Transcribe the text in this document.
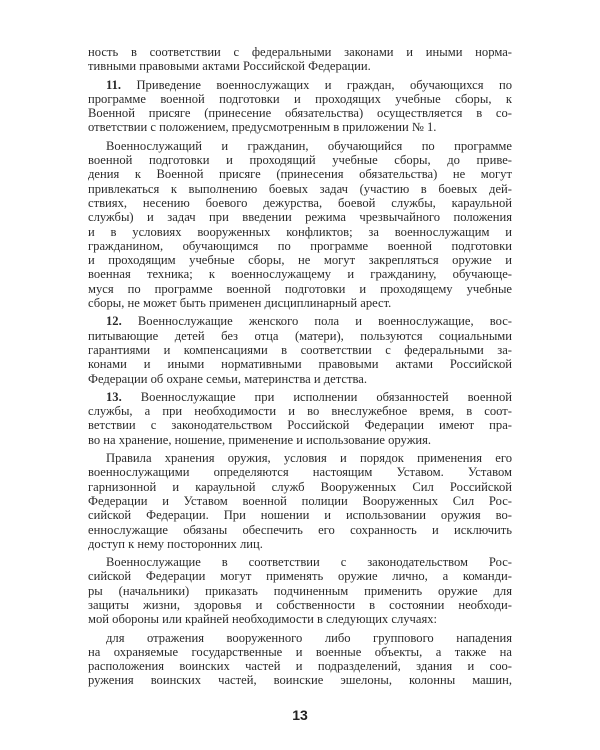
ность в соответствии с федеральными законами и иными норма-
тивными правовыми актами Российской Федерации.
11. Приведение военнослужащих и граждан, обучающихся по
программе военной подготовки и проходящих учебные сборы, к
Военной присяге (принесение обязательства) осуществляется в со-
ответствии с положением, предусмотренным в приложении № 1.
Военнослужащий и гражданин, обучающийся по программе
военной подготовки и проходящий учебные сборы, до приве-
дения к Военной присяге (принесения обязательства) не могут
привлекаться к выполнению боевых задач (участию в боевых дей-
ствиях, несению боевого дежурства, боевой службы, караульной
службы) и задач при введении режима чрезвычайного положения
и в условиях вооруженных конфликтов; за военнослужащим и
гражданином, обучающимся по программе военной подготовки
и проходящим учебные сборы, не могут закрепляться оружие и
военная техника; к военнослужащему и гражданину, обучающе-
муся по программе военной подготовки и проходящему учебные
сборы, не может быть применен дисциплинарный арест.
12. Военнослужащие женского пола и военнослужащие, вос-
питывающие детей без отца (матери), пользуются социальными
гарантиями и компенсациями в соответствии с федеральными за-
конами и иными нормативными правовыми актами Российской
Федерации об охране семьи, материнства и детства.
13. Военнослужащие при исполнении обязанностей военной
службы, а при необходимости и во внеслужебное время, в соот-
ветствии с законодательством Российской Федерации имеют пра-
во на хранение, ношение, применение и использование оружия.
Правила хранения оружия, условия и порядок применения его
военнослужащими определяются настоящим Уставом. Уставом
гарнизонной и караульной служб Вооруженных Сил Российской
Федерации и Уставом военной полиции Вооруженных Сил Рос-
сийской Федерации. При ношении и использовании оружия во-
еннослужащие обязаны обеспечить его сохранность и исключить
доступ к нему посторонних лиц.
Военнослужащие в соответствии с законодательством Рос-
сийской Федерации могут применять оружие лично, а команди-
ры (начальники) приказать подчиненным применить оружие для
защиты жизни, здоровья и собственности в состоянии необходи-
мой обороны или крайней необходимости в следующих случаях:
для отражения вооруженного либо группового нападения
на охраняемые государственные и военные объекты, а также на
расположения воинских частей и подразделений, здания и соо-
ружения воинских частей, воинские эшелоны, колонны машин,
13
